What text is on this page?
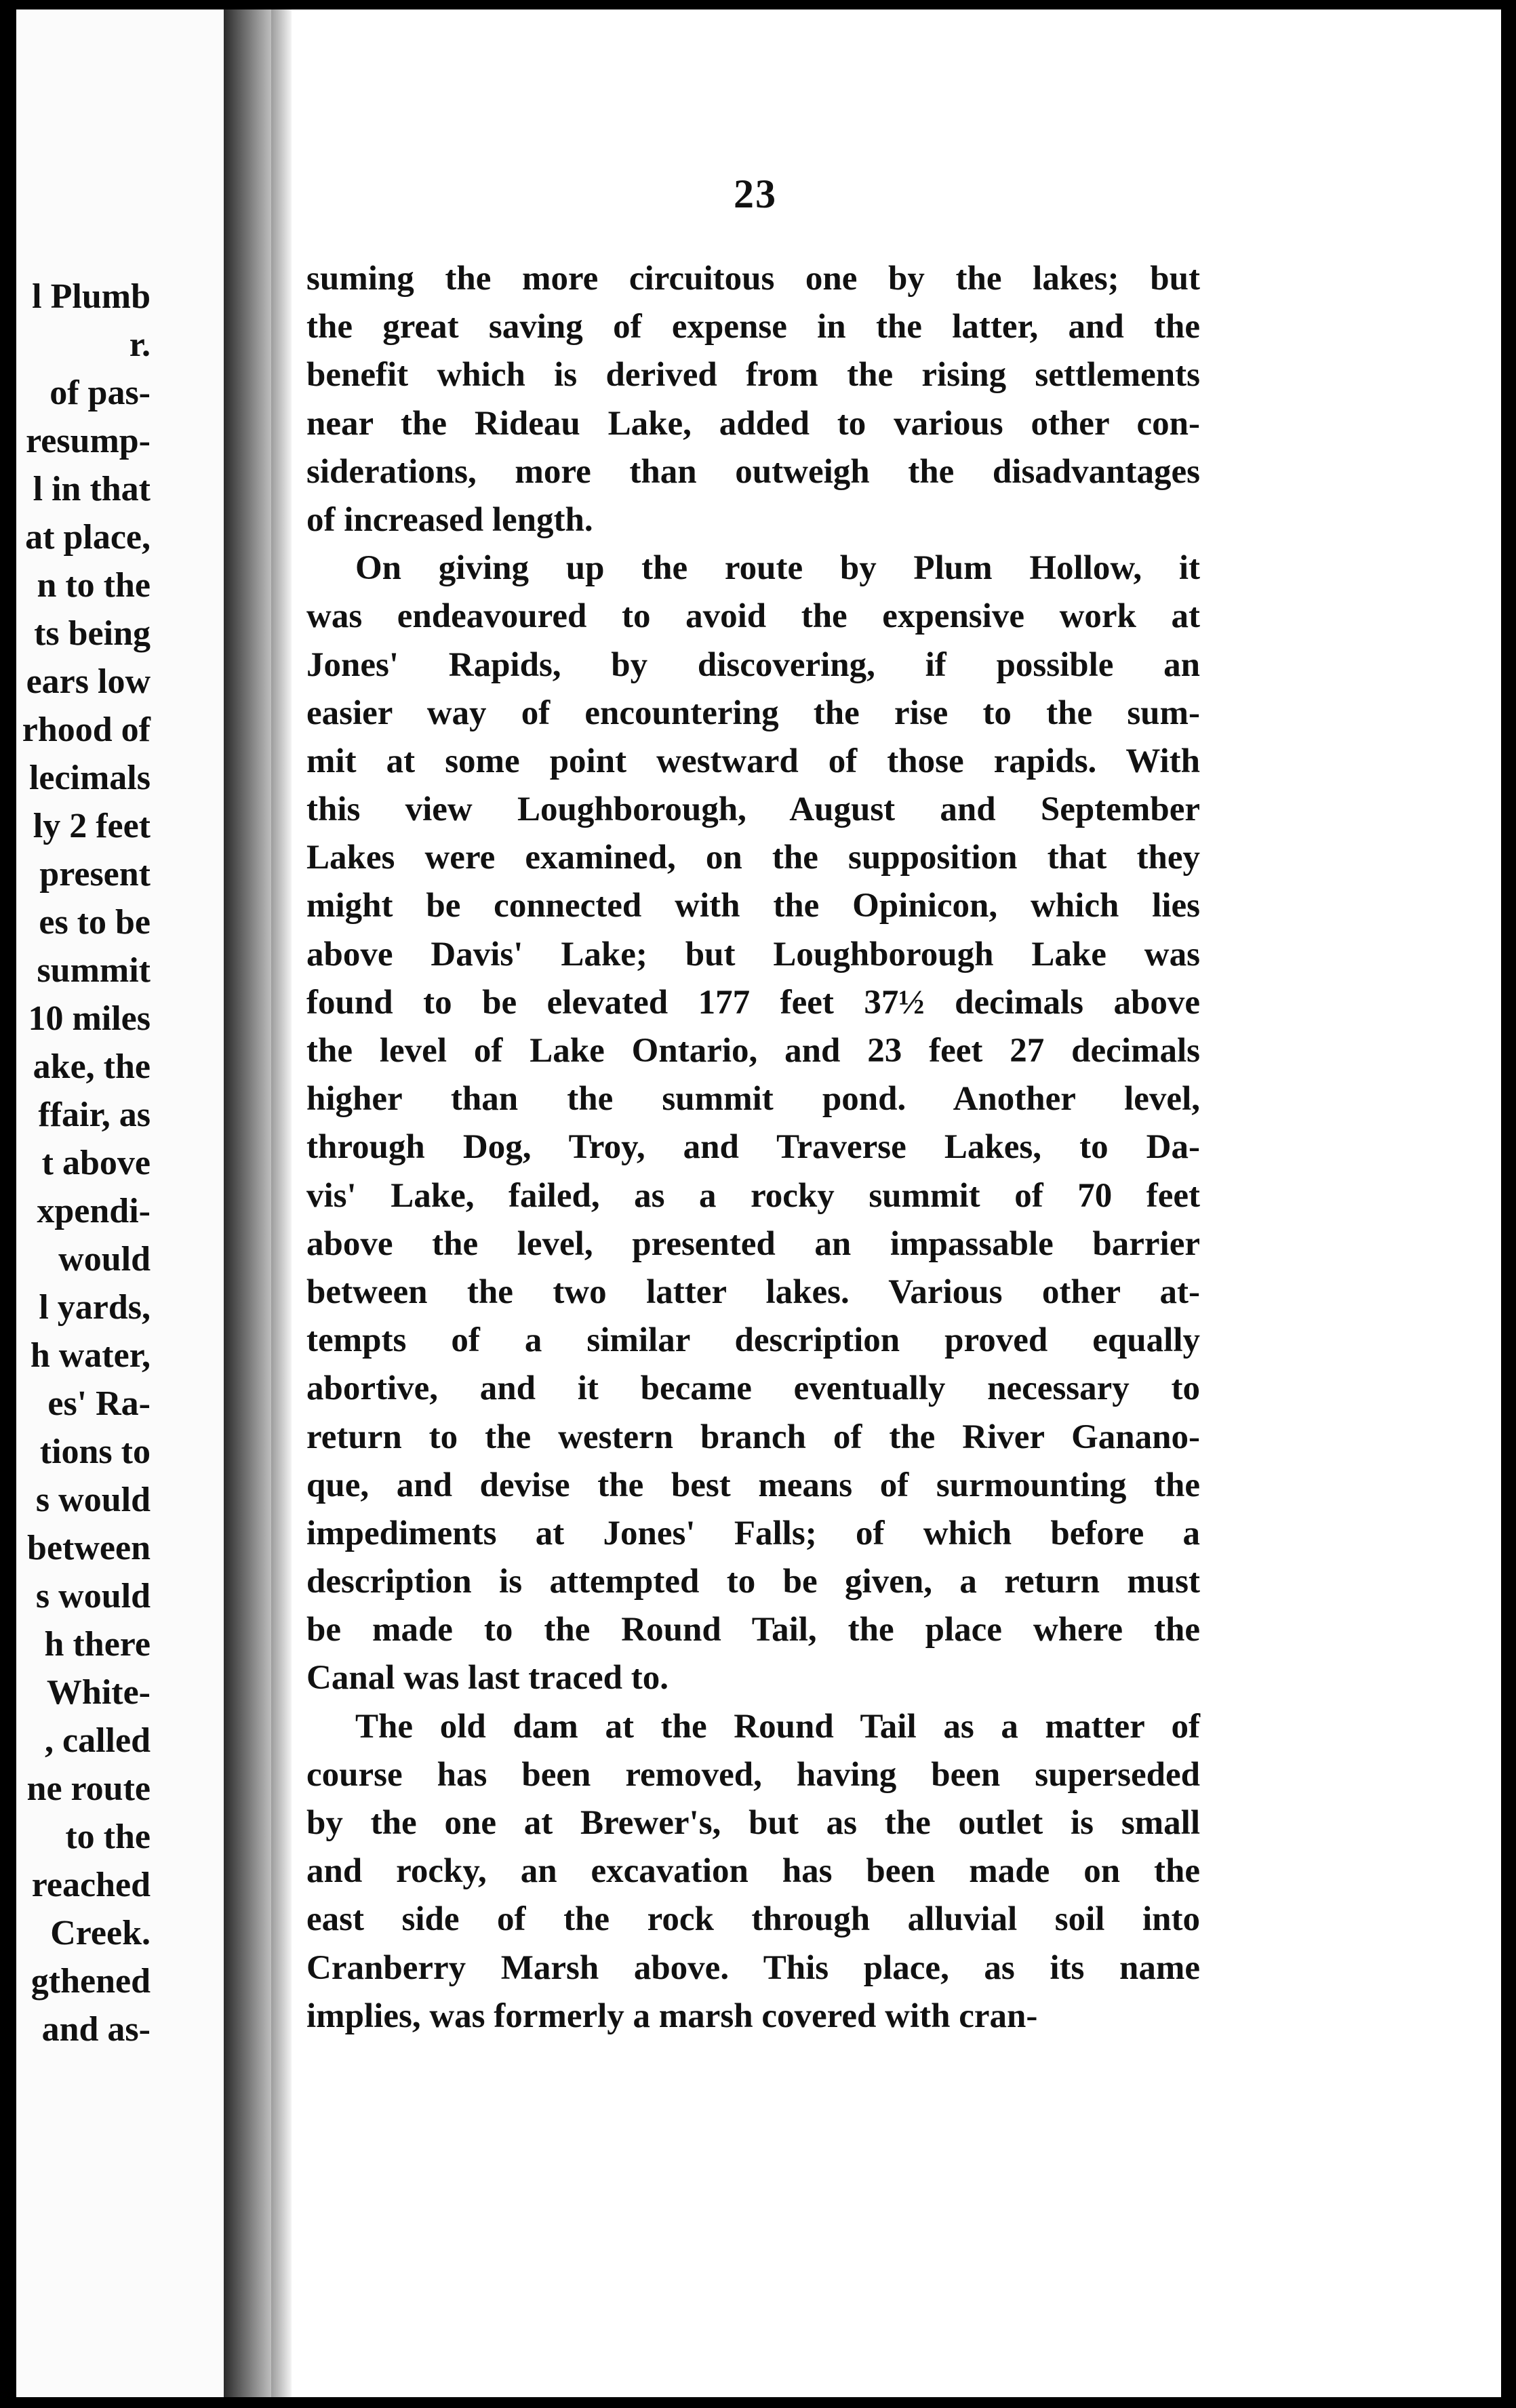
l Plumb
r.
of pas-
resump-
l in that
at place,
n to the
ts being
ears low
rhood of
lecimals
ly 2 feet
present
es to be
summit
10 miles
ake, the
ffair, as
t above
xpendi-
would
l yards,
h water,
es' Ra-
tions to
s would
between
s would
h there
White-
, called
ne route
to the
reached
Creek.
gthened
and as-
23
suming the more circuitous one by the lakes; but
the great saving of expense in the latter, and the
benefit which is derived from the rising settlements
near the Rideau Lake, added to various other con-
siderations, more than outweigh the disadvantages
of increased length.
On giving up the route by Plum Hollow, it
was endeavoured to avoid the expensive work at
Jones' Rapids, by discovering, if possible an
easier way of encountering the rise to the sum-
mit at some point westward of those rapids. With
this view Loughborough, August and September
Lakes were examined, on the supposition that they
might be connected with the Opinicon, which lies
above Davis' Lake; but Loughborough Lake was
found to be elevated 177 feet 37½ decimals above
the level of Lake Ontario, and 23 feet 27 decimals
higher than the summit pond. Another level,
through Dog, Troy, and Traverse Lakes, to Da-
vis' Lake, failed, as a rocky summit of 70 feet
above the level, presented an impassable barrier
between the two latter lakes. Various other at-
tempts of a similar description proved equally
abortive, and it became eventually necessary to
return to the western branch of the River Ganano-
que, and devise the best means of surmounting the
impediments at Jones' Falls; of which before a
description is attempted to be given, a return must
be made to the Round Tail, the place where the
Canal was last traced to.
The old dam at the Round Tail as a matter of
course has been removed, having been superseded
by the one at Brewer's, but as the outlet is small
and rocky, an excavation has been made on the
east side of the rock through alluvial soil into
Cranberry Marsh above. This place, as its name
implies, was formerly a marsh covered with cran-
